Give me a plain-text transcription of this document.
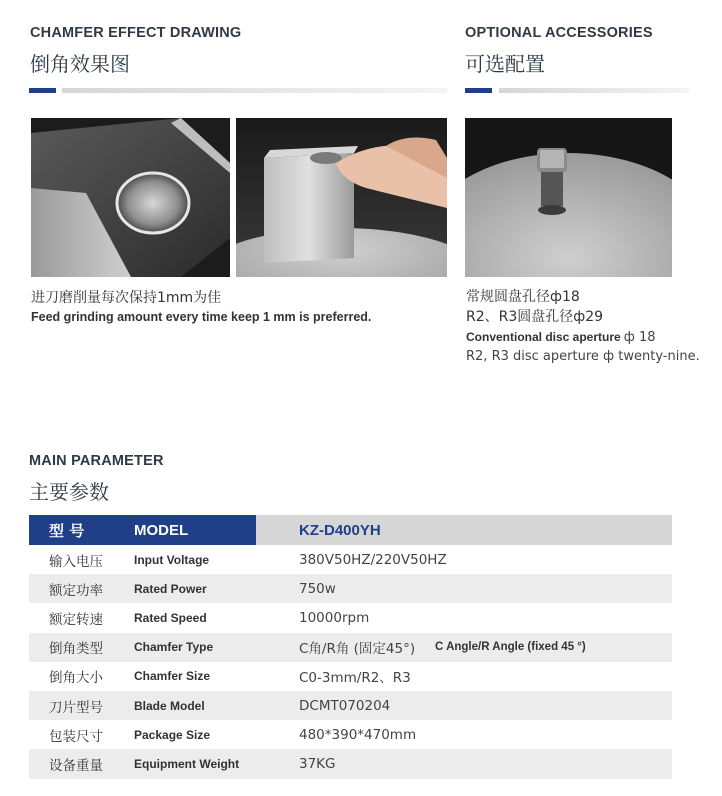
CHAMFER EFFECT DRAWING
倒角效果图
进刀磨削量每次保持1mm为佳
Feed grinding amount every time keep 1 mm is preferred.
OPTIONAL ACCESSORIES
可选配置
常规圆盘孔径ф18
R2、R3圆盘孔径ф29
Conventional disc aperture ф 18
R2, R3 disc aperture ф twenty-nine.
MAIN PARAMETER
主要参数
型 号	MODEL	KZ-D400YH
输入电压	Input Voltage	380V50HZ/220V50HZ
额定功率	Rated Power	750w
额定转速	Rated Speed	10000rpm
倒角类型	Chamfer Type	C角/R角 (固定45°) C Angle/R Angle (fixed 45 °)
倒角大小	Chamfer Size	C0-3mm/R2、R3
刀片型号	Blade Model	DCMT070204
包装尺寸	Package Size	480*390*470mm
设备重量	Equipment Weight	37KG
